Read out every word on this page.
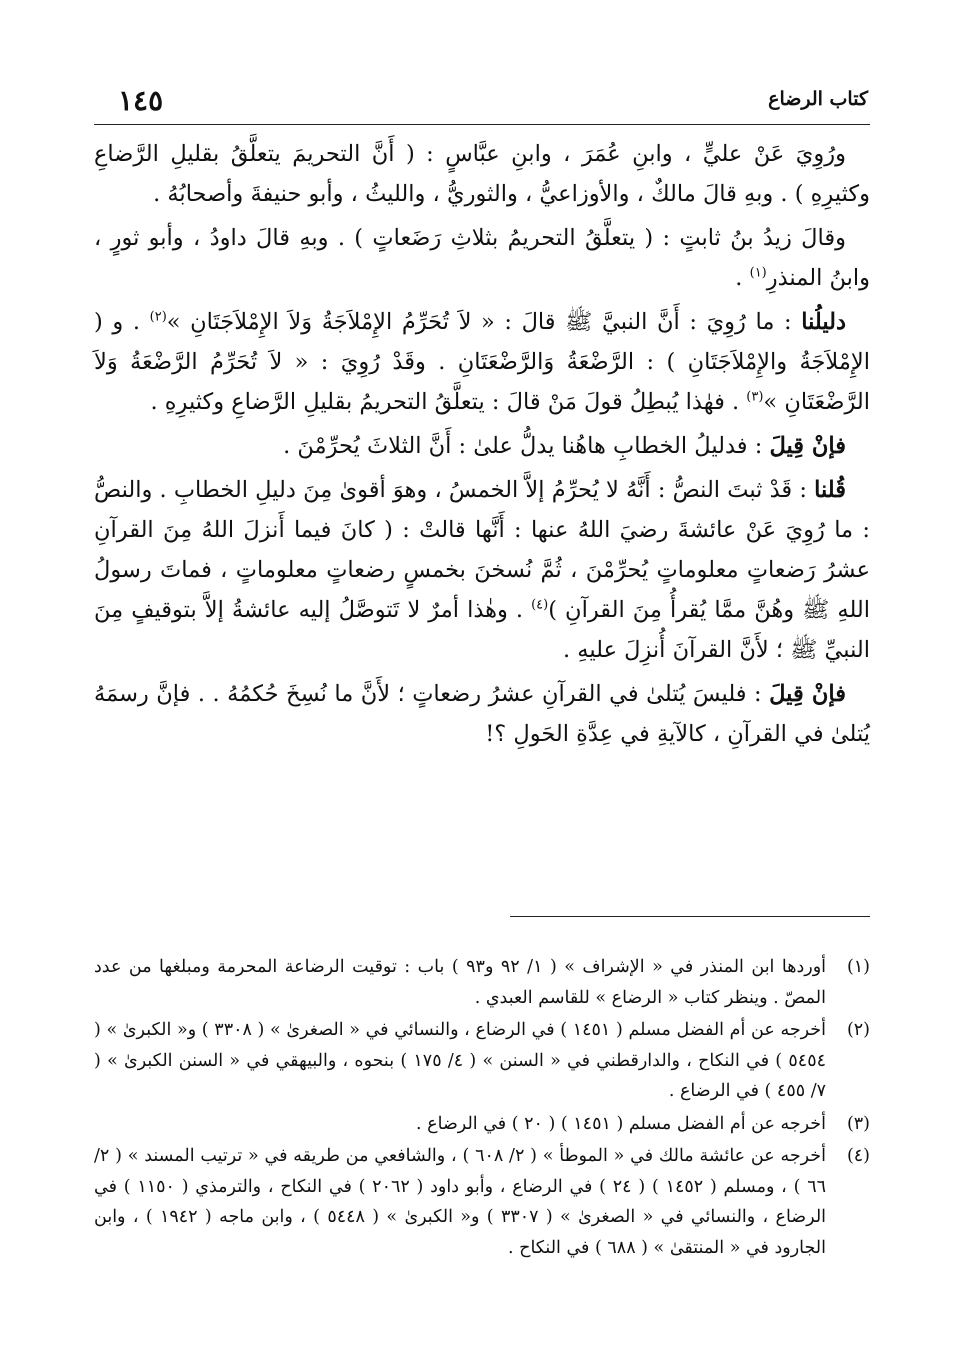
١٤٥	كتاب الرضاع

ورُوِيَ عَنْ عليٍّ ، وابنِ عُمَرَ ، وابنِ عبَّاسٍ : ( أَنَّ التحريمَ يتعلَّقُ بقليلِ الرَّضاعِ وكثيرِهِ ) . وبهِ قالَ مالكٌ ، والأوزاعيُّ ، والثوريُّ ، والليثُ ، وأبو حنيفةَ وأصحابُهُ .

وقالَ زيدُ بنُ ثابتٍ : ( يتعلَّقُ التحريمُ بثلاثِ رَضَعاتٍ ) . وبهِ قالَ داودُ ، وأبو ثورٍ ، وابنُ المنذرِ$^{(١)}$ .

دليلُنا : ما رُوِيَ : أَنَّ النبيَّ ﷺ قالَ : « لاَ تُحَرِّمُ الإِمْلاَجَةُ وَلاَ الإِمْلاَجَتَانِ »$^{(٢)}$ . و ( الإِمْلاَجَةُ والإِمْلاَجَتَانِ ) : الرَّضْعَةُ وَالرَّضْعَتَانِ . وقَدْ رُوِيَ : « لاَ تُحَرِّمُ الرَّضْعَةُ وَلاَ الرَّضْعَتَانِ »$^{(٣)}$ . فهٰذا يُبطِلُ قولَ مَنْ قالَ : يتعلَّقُ التحريمُ بقليلِ الرَّضاعِ وكثيرِهِ .

فإنْ قِيلَ : فدليلُ الخطابِ هاهُنا يدلُّ علىٰ : أَنَّ الثلاثَ يُحرِّمْنَ .

قُلنا : قَدْ ثبتَ النصُّ : أَنَّهُ لا يُحرِّمُ إلاَّ الخمسُ ، وهوَ أقوىٰ مِنَ دليلِ الخطابِ . والنصُّ : ما رُوِيَ عَنْ عائشةَ رضيَ اللهُ عنها : أَنَّها قالتْ : ( كانَ فيما أَنزلَ اللهُ مِنَ القرآنِ عشرُ رَضعاتٍ معلوماتٍ يُحرِّمْنَ ، ثُمَّ نُسخنَ بخمسٍ رضعاتٍ معلوماتٍ ، فماتَ رسولُ اللهِ ﷺ وهُنَّ ممَّا يُقرأُ مِنَ القرآنِ )$^{(٤)}$ . وهٰذا أمرٌ لا تَتوصَّلُ إليه عائشةُ إلاَّ بتوقيفٍ مِنَ النبيِّ ﷺ ؛ لأَنَّ القرآنَ أُنزِلَ عليهِ .

فإنْ قِيلَ : فليسَ يُتلىٰ في القرآنِ عشرُ رضعاتٍ ؛ لأَنَّ ما نُسِخَ حُكمُهُ . . فإنَّ رسمَهُ يُتلىٰ في القرآنِ ، كالآيةِ في عِدَّةِ الحَولِ ؟!

(١)
أوردها ابن المنذر في « الإشراف » ( ١/ ٩٢ و٩٣ ) باب : توقيت الرضاعة المحرمة ومبلغها من عدد المصّ . وينظر كتاب « الرضاع » للقاسم العبدي .
(٢)
أخرجه عن أم الفضل مسلم ( ١٤٥١ ) في الرضاع ، والنسائي في « الصغرىٰ » ( ٣٣٠٨ ) و« الكبرىٰ » ( ٥٤٥٤ ) في النكاح ، والدارقطني في « السنن » ( ٤/ ١٧٥ ) بنحوه ، والبيهقي في « السنن الكبرىٰ » ( ٧/ ٤٥٥ ) في الرضاع .
(٣)
أخرجه عن أم الفضل مسلم ( ١٤٥١ ) ( ٢٠ ) في الرضاع .
(٤)
أخرجه عن عائشة مالك في « الموطأ » ( ٢/ ٦٠٨ ) ، والشافعي من طريقه في « ترتيب المسند » ( ٢/ ٦٦ ) ، ومسلم ( ١٤٥٢ ) ( ٢٤ ) في الرضاع ، وأبو داود ( ٢٠٦٢ ) في النكاح ، والترمذي ( ١١٥٠ ) في الرضاع ، والنسائي في « الصغرىٰ » ( ٣٣٠٧ ) و« الكبرىٰ » ( ٥٤٤٨ ) ، وابن ماجه ( ١٩٤٢ ) ، وابن الجارود في « المنتقىٰ » ( ٦٨٨ ) في النكاح .
